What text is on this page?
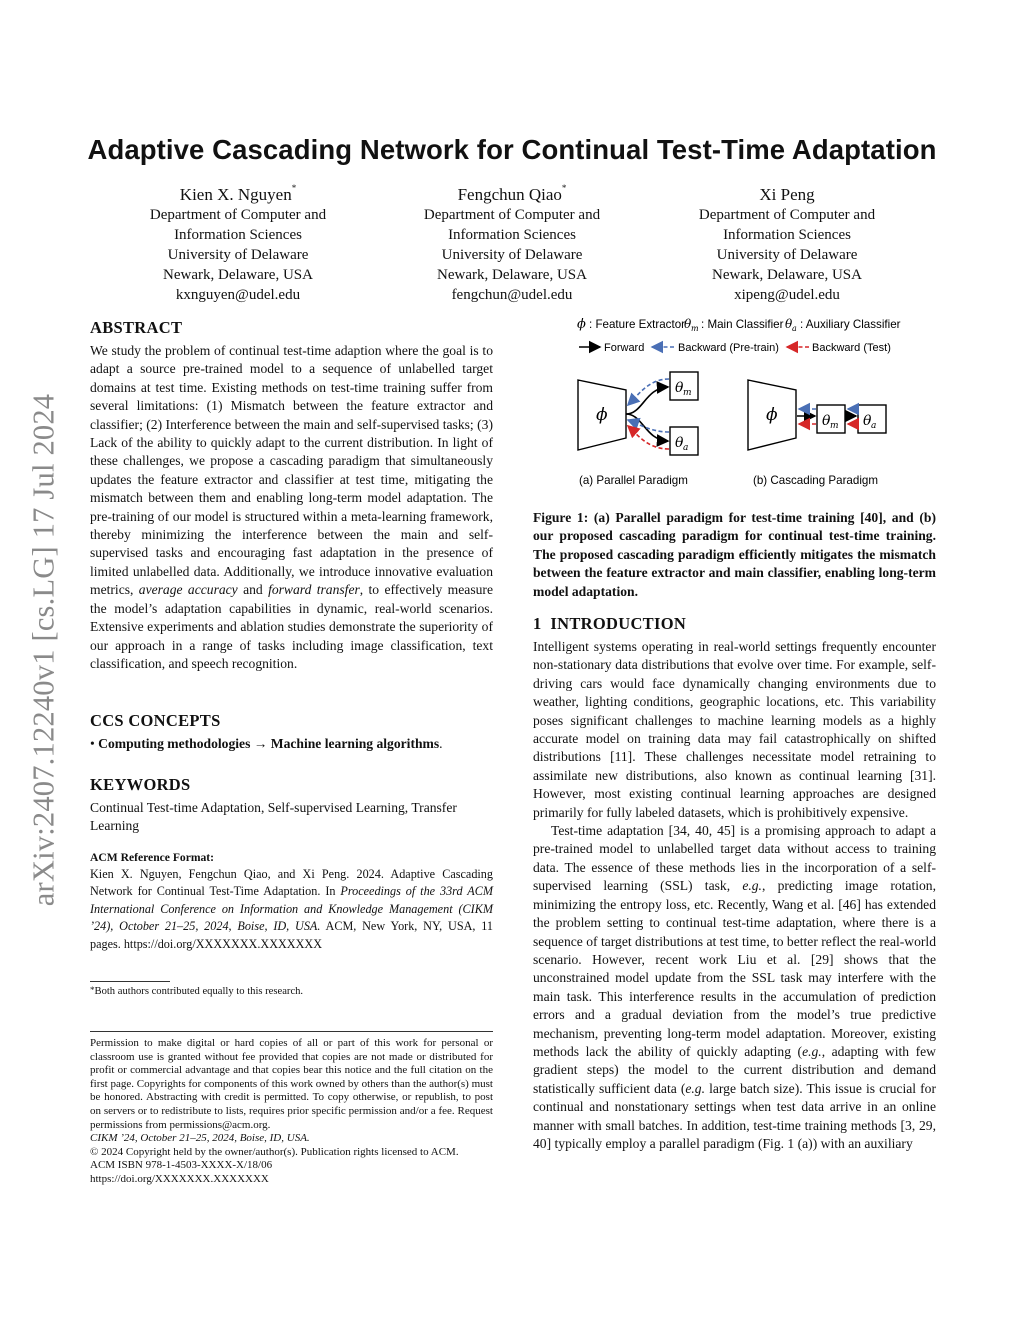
arXiv:2407.12240v1 [cs.LG] 17 Jul 2024
Adaptive Cascading Network for Continual Test-Time Adaptation
Kien X. Nguyen*
Department of Computer and
Information Sciences
University of Delaware
Newark, Delaware, USA
kxnguyen@udel.edu
Fengchun Qiao*
Department of Computer and
Information Sciences
University of Delaware
Newark, Delaware, USA
fengchun@udel.edu
Xi Peng
Department of Computer and
Information Sciences
University of Delaware
Newark, Delaware, USA
xipeng@udel.edu
ABSTRACT
We study the problem of continual test-time adaption where the goal is to adapt a source pre-trained model to a sequence of unlabelled target domains at test time. Existing methods on test-time training suffer from several limitations: (1) Mismatch between the feature extractor and classifier; (2) Interference between the main and self-supervised tasks; (3) Lack of the ability to quickly adapt to the current distribution. In light of these challenges, we propose a cascading paradigm that simultaneously updates the feature extractor and classifier at test time, mitigating the mismatch between them and enabling long-term model adaptation. The pre-training of our model is structured within a meta-learning framework, thereby minimizing the interference between the main and self-supervised tasks and encouraging fast adaptation in the presence of limited unlabelled data. Additionally, we introduce innovative evaluation metrics, average accuracy and forward transfer, to effectively measure the model’s adaptation capabilities in dynamic, real-world scenarios. Extensive experiments and ablation studies demonstrate the superiority of our approach in a range of tasks including image classification, text classification, and speech recognition.
CCS CONCEPTS
• Computing methodologies → Machine learning algorithms.
KEYWORDS
Continual Test-time Adaptation, Self-supervised Learning, Transfer Learning
ACM Reference Format:
Kien X. Nguyen, Fengchun Qiao, and Xi Peng. 2024. Adaptive Cascading Network for Continual Test-Time Adaptation. In Proceedings of the 33rd ACM International Conference on Information and Knowledge Management (CIKM ’24), October 21–25, 2024, Boise, ID, USA. ACM, New York, NY, USA, 11 pages. https://doi.org/XXXXXXX.XXXXXXX
*Both authors contributed equally to this research.
Permission to make digital or hard copies of all or part of this work for personal or classroom use is granted without fee provided that copies are not made or distributed for profit or commercial advantage and that copies bear this notice and the full citation on the first page. Copyrights for components of this work owned by others than the author(s) must be honored. Abstracting with credit is permitted. To copy otherwise, or republish, to post on servers or to redistribute to lists, requires prior specific permission and/or a fee. Request permissions from permissions@acm.org.
CIKM ’24, October 21–25, 2024, Boise, ID, USA.
© 2024 Copyright held by the owner/author(s). Publication rights licensed to ACM.
ACM ISBN 978-1-4503-XXXX-X/18/06
https://doi.org/XXXXXXX.XXXXXXX
ϕ : Feature Extractor
θ m : Main Classifier θ a : Auxiliary Classifier
Forward	Backward (Pre-train)	Backward (Test)
ϕ
θ m
θ a
ϕ	θ m θ a
(a) Parallel Paradigm	(b) Cascading Paradigm
Figure 1: (a) Parallel paradigm for test-time training [40], and (b) our proposed cascading paradigm for continual test-time training. The proposed cascading paradigm efficiently mitigates the mismatch between the feature extractor and main classifier, enabling long-term model adaptation.
1 INTRODUCTION

Intelligent systems operating in real-world settings frequently encounter non-stationary data distributions that evolve over time. For example, self-driving cars would face dynamically changing environments due to weather, lighting conditions, geographic locations, etc. This variability poses significant challenges to machine learning models as a highly accurate model on training data may fail catastrophically on shifted distributions [11]. These challenges necessitate model retraining to assimilate new distributions, also known as continual learning [31]. However, most existing continual learning approaches are designed primarily for fully labeled datasets, which is prohibitively expensive.

Test-time adaptation [34, 40, 45] is a promising approach to adapt a pre-trained model to unlabelled target data without access to training data. The essence of these methods lies in the incorporation of a self-supervised learning (SSL) task, e.g., predicting image rotation, minimizing the entropy loss, etc. Recently, Wang et al. [46] has extended the problem setting to continual test-time adaptation, where there is a sequence of target distributions at test time, to better reflect the real-world scenario. However, recent work Liu et al. [29] shows that the unconstrained model update from the SSL task may interfere with the main task. This interference results in the accumulation of prediction errors and a gradual deviation from the model’s true predictive mechanism, preventing long-term model adaptation. Moreover, existing methods lack the ability of quickly adapting (e.g., adapting with few gradient steps) the model to the current distribution and demand statistically sufficient data (e.g. large batch size). This issue is crucial for continual and nonstationary settings when test data arrive in an online manner with small batches. In addition, test-time training methods [3, 29, 40] typically employ a parallel paradigm (Fig. 1 (a)) with an auxiliary
